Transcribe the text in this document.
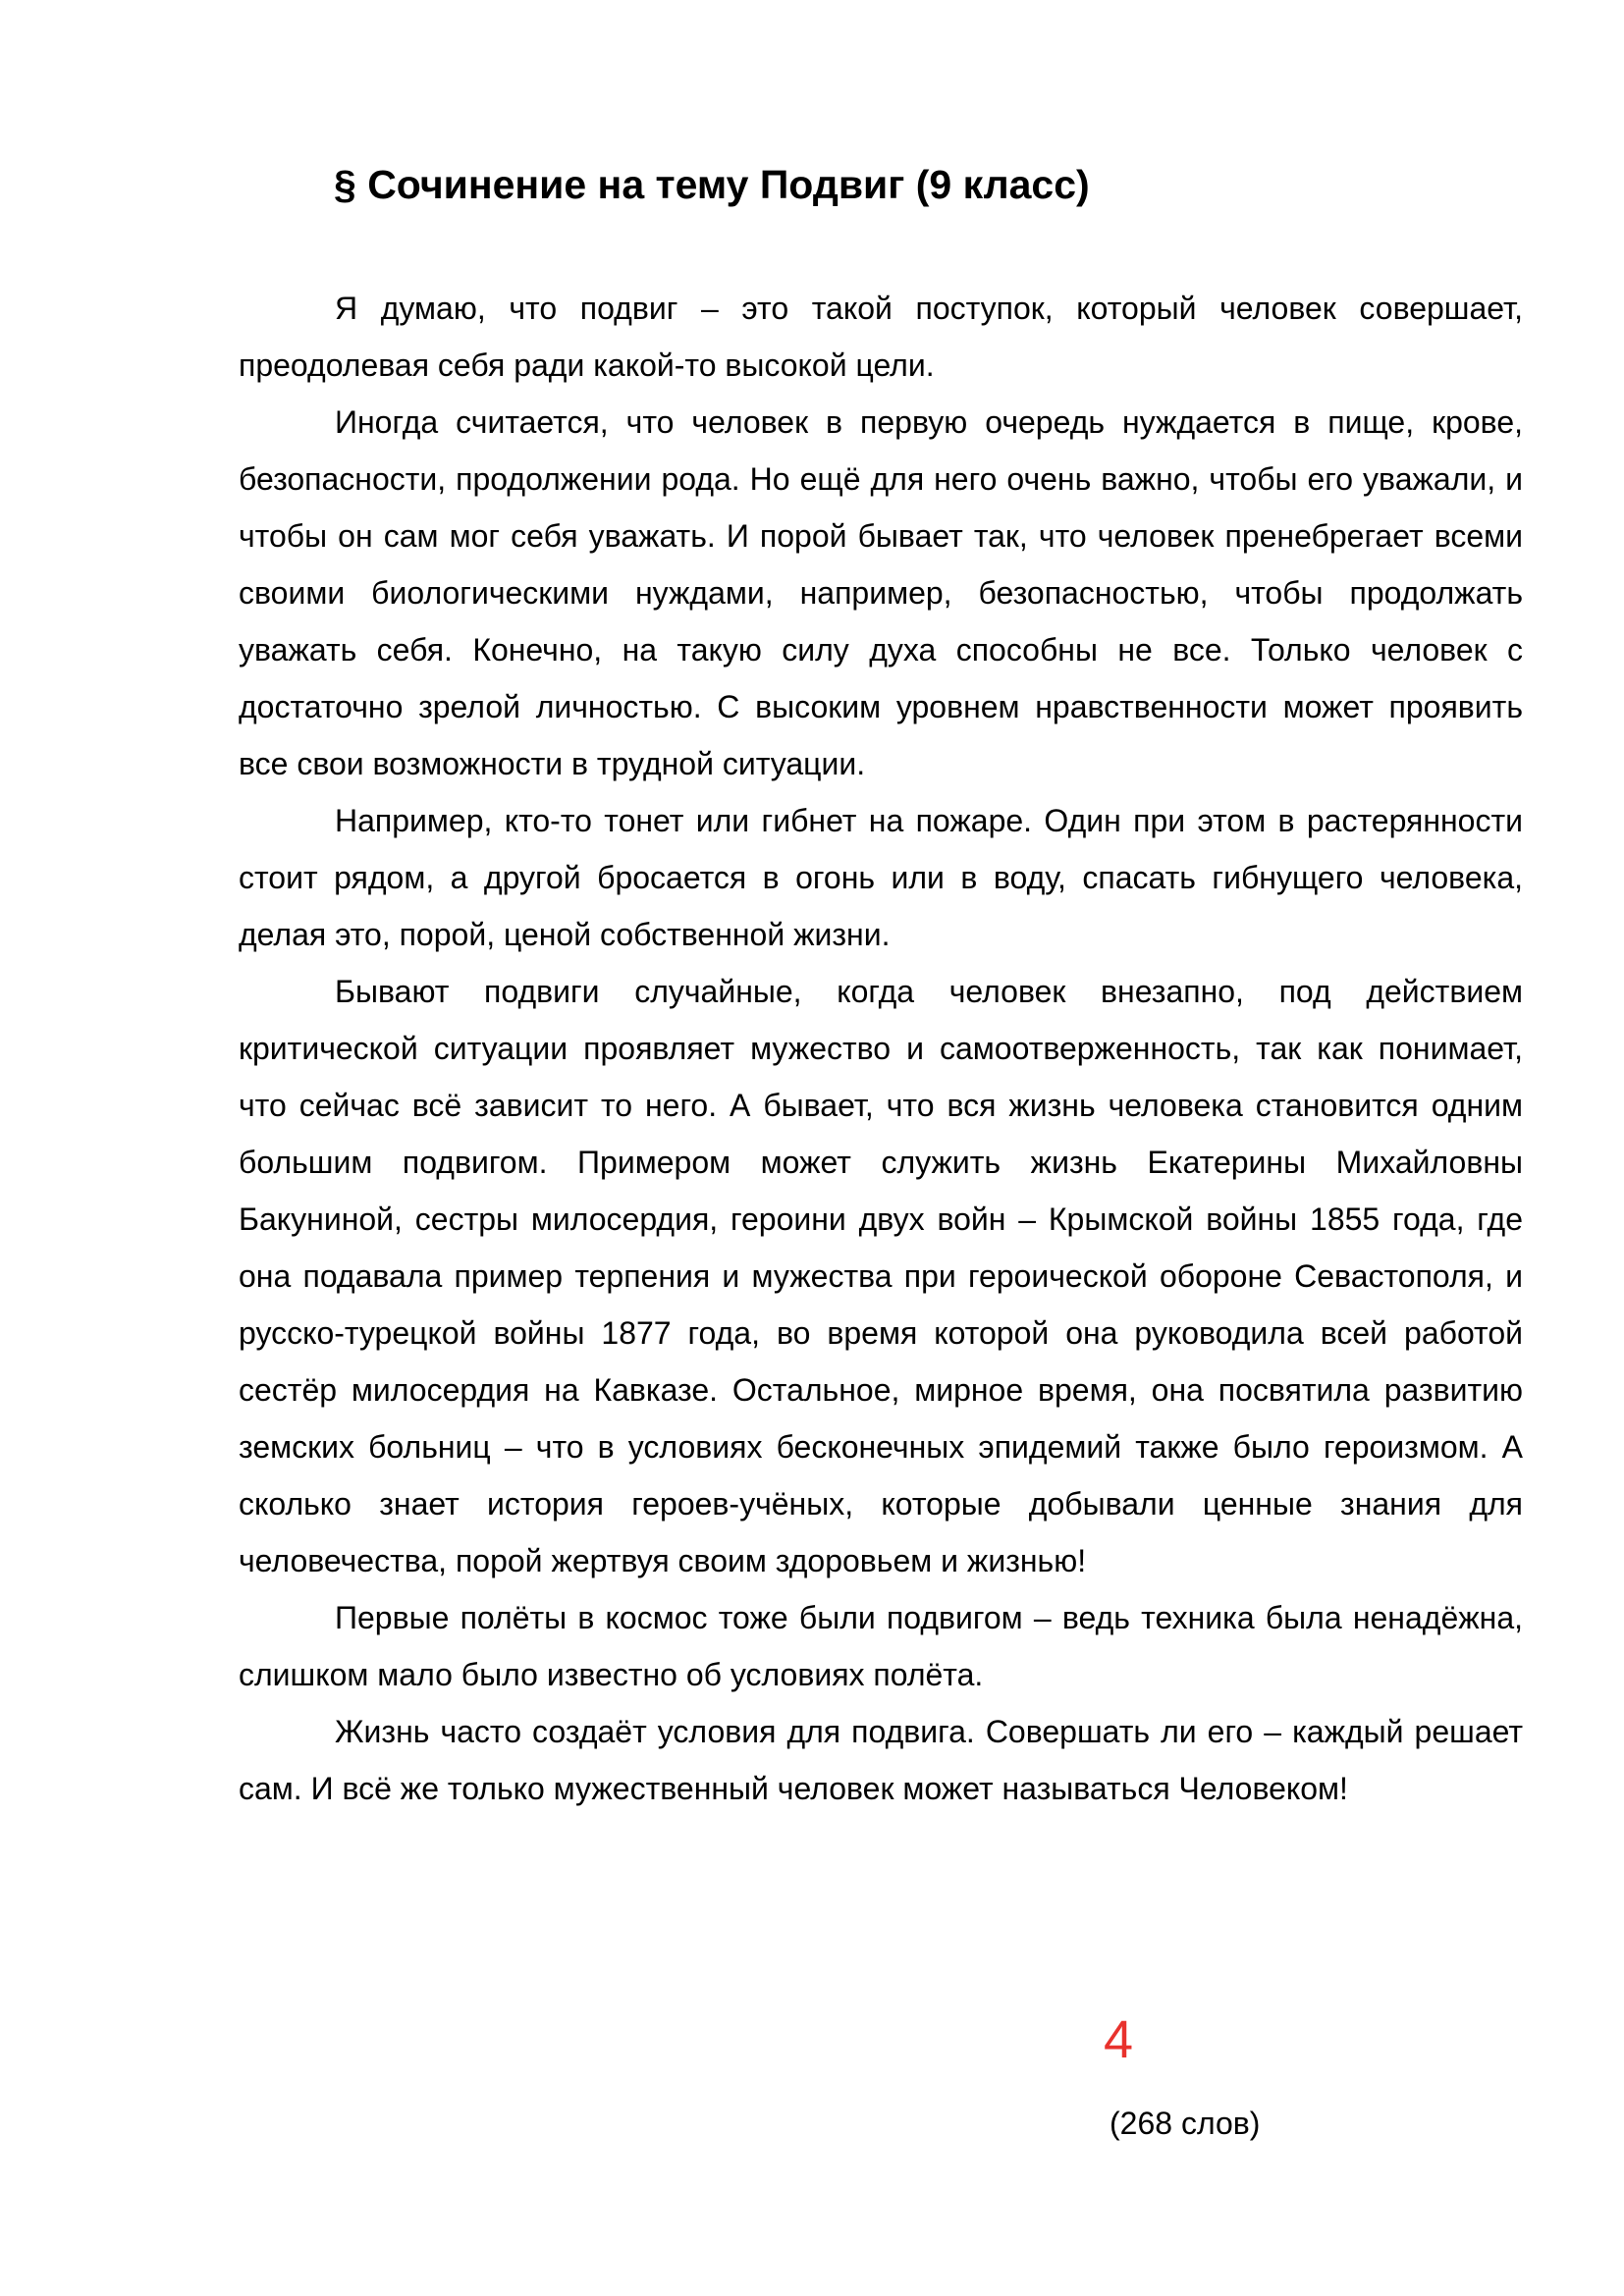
§ Сочинение на тему Подвиг (9 класс)

Я думаю, что подвиг – это такой поступок, который человек совершает, преодолевая себя ради какой-то высокой цели.

Иногда считается, что человек в первую очередь нуждается в пище, крове, безопасности, продолжении рода. Но ещё для него очень важно, чтобы его уважали, и чтобы он сам мог себя уважать. И порой бывает так, что человек пренебрегает всеми своими биологическими нуждами, например, безопасностью, чтобы продолжать уважать себя. Конечно, на такую силу духа способны не все. Только человек с достаточно зрелой личностью. С высоким уровнем нравственности может проявить все свои возможности в трудной ситуации.

Например, кто-то тонет или гибнет на пожаре. Один при этом в растерянности стоит рядом, а другой бросается в огонь или в воду, спасать гибнущего человека, делая это, порой, ценой собственной жизни.

Бывают подвиги случайные, когда человек внезапно, под действием критической ситуации проявляет мужество и самоотверженность, так как понимает, что сейчас всё зависит то него. А бывает, что вся жизнь человека становится одним большим подвигом. Примером может служить жизнь Екатерины Михайловны Бакуниной, сестры милосердия, героини двух войн – Крымской войны 1855 года, где она подавала пример терпения и мужества при героической обороне Севастополя, и русско-турецкой войны 1877 года, во время которой она руководила всей работой сестёр милосердия на Кавказе. Остальное, мирное время, она посвятила развитию земских больниц – что в условиях бесконечных эпидемий также было героизмом. А сколько знает история героев-учёных, которые добывали ценные знания для человечества, порой жертвуя своим здоровьем и жизнью!

Первые полёты в космос тоже были подвигом – ведь техника была ненадёжна, слишком мало было известно об условиях полёта.

Жизнь часто создаёт условия для подвига. Совершать ли его – каждый решает сам. И всё же только мужественный человек может называться Человеком!

4

(268 слов)
